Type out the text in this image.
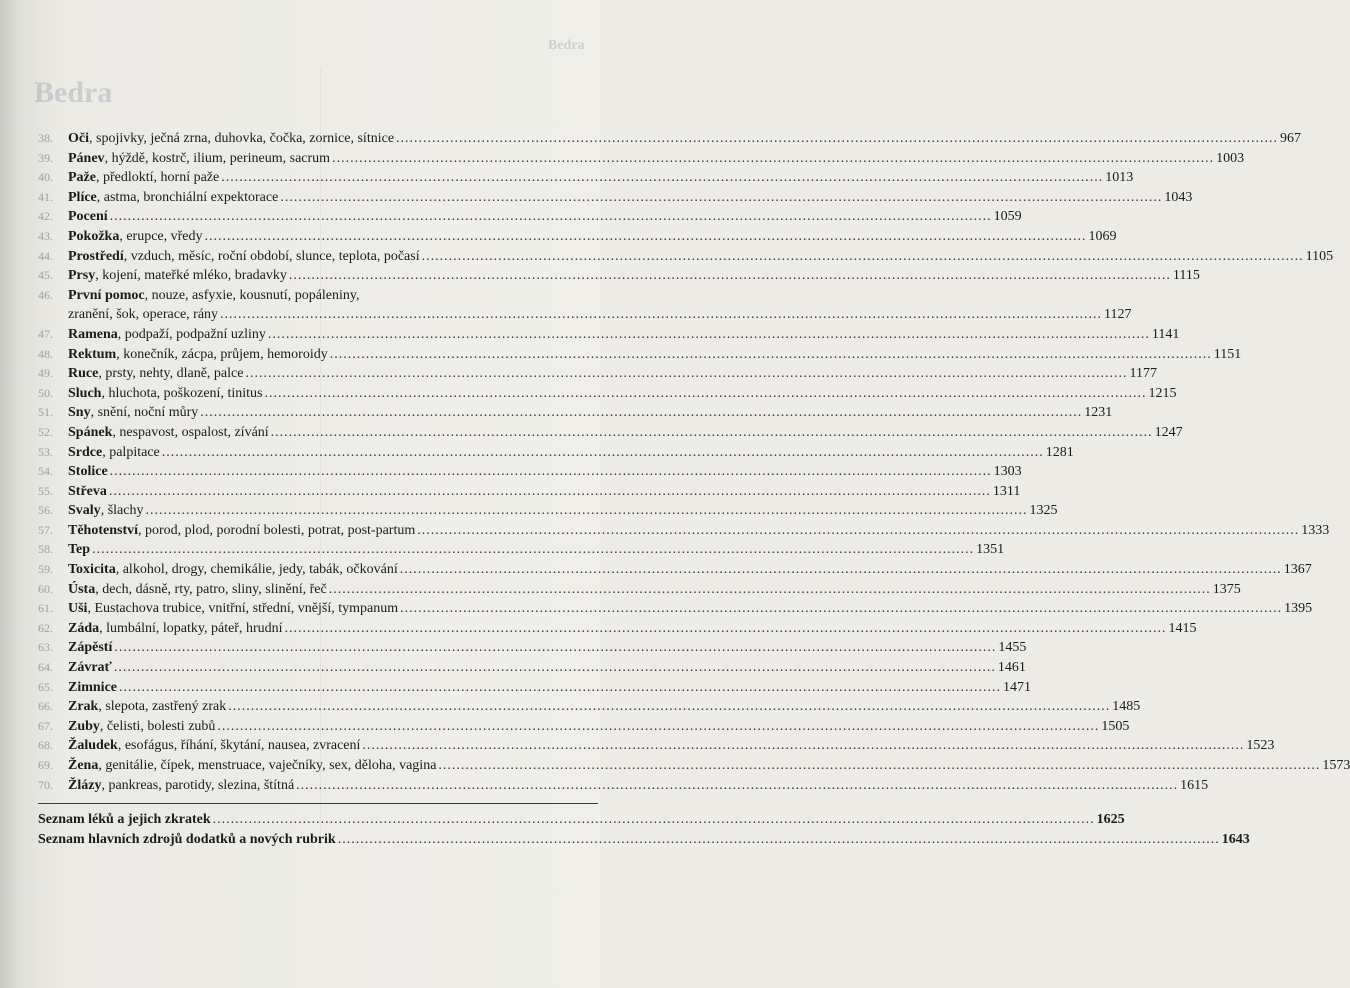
Bedra
Bedra
38.	Oči, spojivky, ječná zrna, duhovka, čočka, zornice, sítnice .....	967
39.	Pánev, hýždě, kostrč, ilium, perineum, sacrum .....	1003
40.	Paže, předloktí, horní paže .....	1013
41.	Plíce, astma, bronchiální expektorace .....	1043
42.	Pocení .....	1059
43.	Pokožka, erupce, vředy .....	1069
44.	Prostředí, vzduch, měsíc, roční období, slunce, teplota, počasí .....	1105
45.	Prsy, kojení, mateřké mléko, bradavky .....	1115
46.	První pomoc, nouze, asfyxie, kousnutí, popáleniny,
zranění, šok, operace, rány .....	1127
47.	Ramena, podpaží, podpažní uzliny .....	1141
48.	Rektum, konečník, zácpa, průjem, hemoroidy .....	1151
49.	Ruce, prsty, nehty, dlaně, palce .....	1177
50.	Sluch, hluchota, poškození, tinitus .....	1215
51.	Sny, snění, noční můry .....	1231
52.	Spánek, nespavost, ospalost, zívání .....	1247
53.	Srdce, palpitace .....	1281
54.	Stolice .....	1303
55.	Střeva .....	1311
56.	Svaly, šlachy .....	1325
57.	Těhotenství, porod, plod, porodní bolesti, potrat, post-partum .....	1333
58.	Tep .....	1351
59.	Toxicita, alkohol, drogy, chemikálie, jedy, tabák, očkování .....	1367
60.	Ústa, dech, dásně, rty, patro, sliny, slinění, řeč .....	1375
61.	Uši, Eustachova trubice, vnitřní, střední, vnější, tympanum .....	1395
62.	Záda, lumbální, lopatky, páteř, hrudní .....	1415
63.	Zápěstí .....	1455
64.	Závrať .....	1461
65.	Zimnice .....	1471
66.	Zrak, slepota, zastřený zrak .....	1485
67.	Zuby, čelisti, bolesti zubů .....	1505
68.	Žaludek, esofágus, říhání, škytání, nausea, zvracení .....	1523
69.	Žena, genitálie, čípek, menstruace, vaječníky, sex, děloha, vagina .....	1573
70.	Žlázy, pankreas, parotidy, slezina, štítná .....	1615
Seznam léků a jejich zkratek .....	1625
Seznam hlavních zdrojů dodatků a nových rubrik .....	1643
